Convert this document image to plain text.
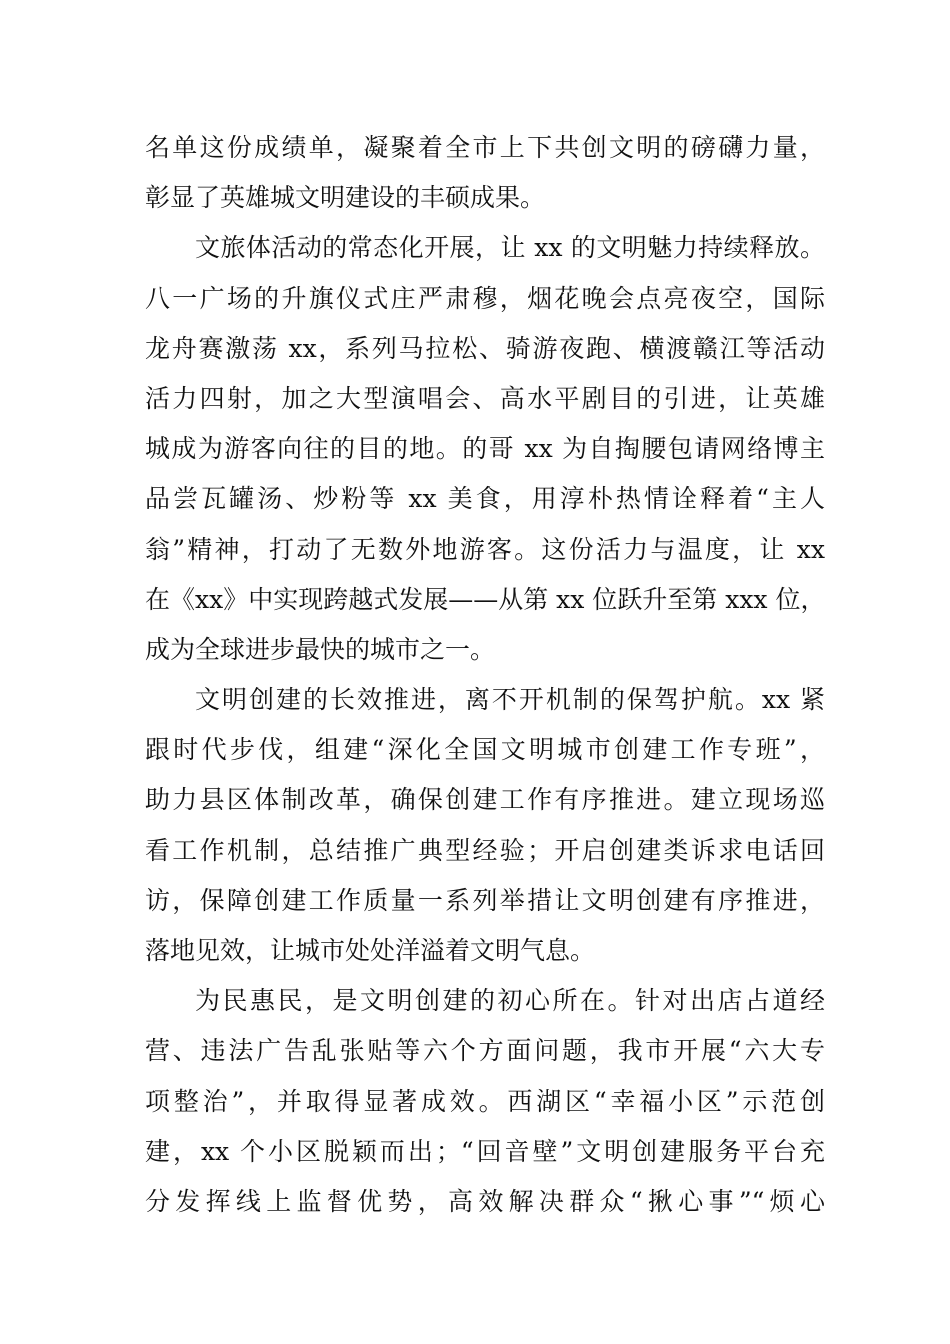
名单这份成绩单，凝聚着全市上下共创文明的磅礴力量，
彰显了英雄城文明建设的丰硕成果。
文旅体活动的常态化开展，让 xx 的文明魅力持续释放。
八一广场的升旗仪式庄严肃穆，烟花晚会点亮夜空，国际
龙舟赛激荡 xx，系列马拉松、骑游夜跑、横渡赣江等活动
活力四射，加之大型演唱会、高水平剧目的引进，让英雄
城成为游客向往的目的地。的哥 xx 为自掏腰包请网络博主
品尝瓦罐汤、炒粉等 xx 美食，用淳朴热情诠释着“主人
翁”精神，打动了无数外地游客。这份活力与温度，让 xx
在《xx》中实现跨越式发展——从第 xx 位跃升至第 xxx 位，
成为全球进步最快的城市之一。
文明创建的长效推进，离不开机制的保驾护航。xx 紧
跟时代步伐，组建“深化全国文明城市创建工作专班”，
助力县区体制改革，确保创建工作有序推进。建立现场巡
看工作机制，总结推广典型经验；开启创建类诉求电话回
访，保障创建工作质量一系列举措让文明创建有序推进，
落地见效，让城市处处洋溢着文明气息。
为民惠民，是文明创建的初心所在。针对出店占道经
营、违法广告乱张贴等六个方面问题，我市开展“六大专
项整治”，并取得显著成效。西湖区“幸福小区”示范创
建，xx 个小区脱颖而出；“回音壁”文明创建服务平台充
分发挥线上监督优势，高效解决群众“揪心事”“烦心
